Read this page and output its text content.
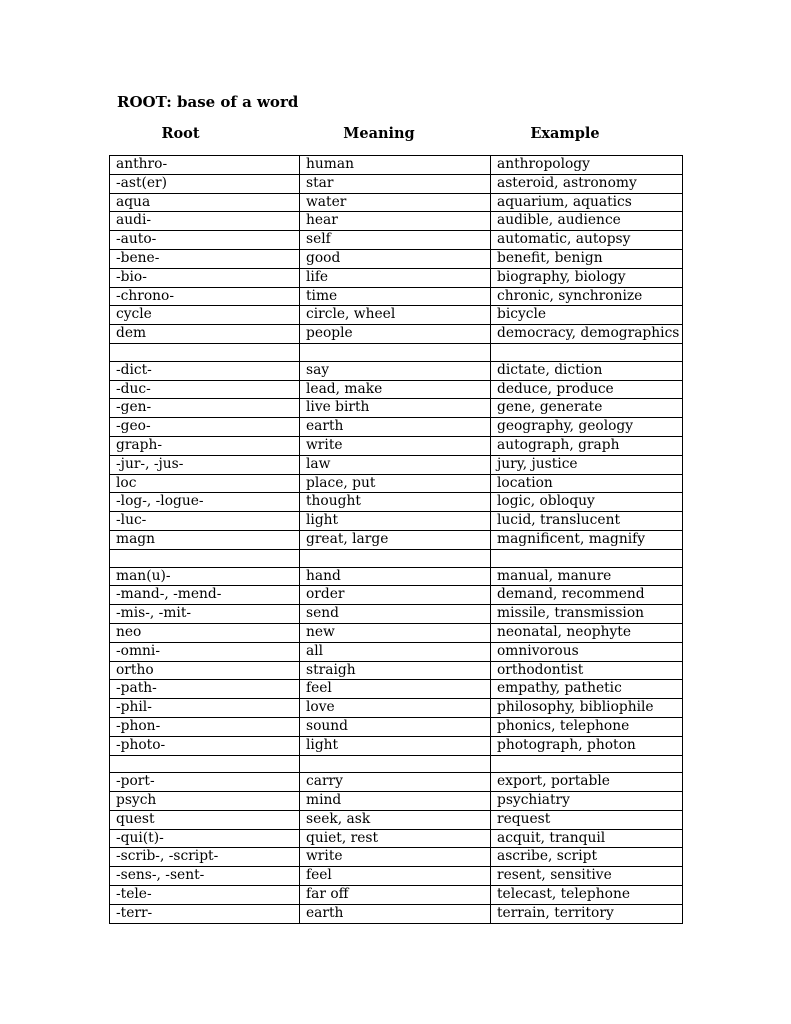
ROOT: base of a word
Root	Meaning	Example
anthro-	human	anthropology
-ast(er)	star	asteroid, astronomy
aqua	water	aquarium, aquatics
audi-	hear	audible, audience
-auto-	self	automatic, autopsy
-bene-	good	benefit, benign
-bio-	life	biography, biology
-chrono-	time	chronic, synchronize
cycle	circle, wheel	bicycle
dem	people	democracy, demographics

-dict-	say	dictate, diction
-duc-	lead, make	deduce, produce
-gen-	live birth	gene, generate
-geo-	earth	geography, geology
graph-	write	autograph, graph
-jur-, -jus-	law	jury, justice
loc	place, put	location
-log-, -logue-	thought	logic, obloquy
-luc-	light	lucid, translucent
magn	great, large	magnificent, magnify

man(u)-	hand	manual, manure
-mand-, -mend-	order	demand, recommend
-mis-, -mit-	send	missile, transmission
neo	new	neonatal, neophyte
-omni-	all	omnivorous
ortho	straigh	orthodontist
-path-	feel	empathy, pathetic
-phil-	love	philosophy, bibliophile
-phon-	sound	phonics, telephone
-photo-	light	photograph, photon

-port-	carry	export, portable
psych	mind	psychiatry
quest	seek, ask	request
-qui(t)-	quiet, rest	acquit, tranquil
-scrib-, -script-	write	ascribe, script
-sens-, -sent-	feel	resent, sensitive
-tele-	far off	telecast, telephone
-terr-	earth	terrain, territory
